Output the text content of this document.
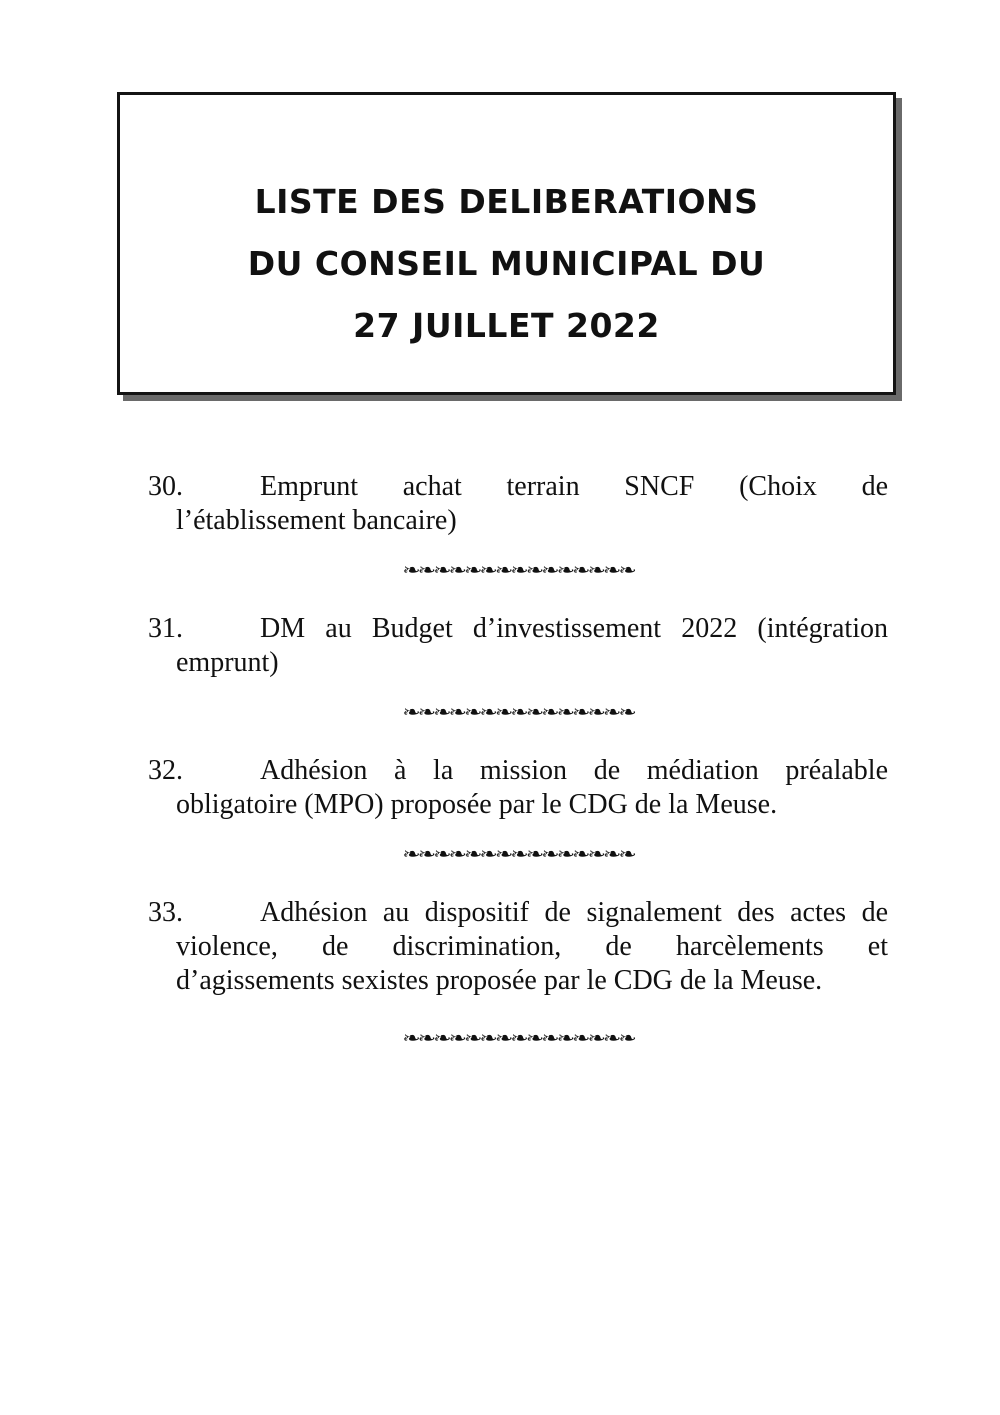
LISTE DES DELIBERATIONS
DU CONSEIL MUNICIPAL DU
27 JUILLET 2022

30.	Emprunt achat terrain SNCF (Choix de

l’établissement bancaire)

❧❧❧❧❧❧❧❧❧❧❧❧❧❧❧

31.	DM au Budget d’investissement 2022 (intégration

emprunt)

❧❧❧❧❧❧❧❧❧❧❧❧❧❧❧

32.	Adhésion à la mission de médiation préalable

obligatoire (MPO) proposée par le CDG de la Meuse.

❧❧❧❧❧❧❧❧❧❧❧❧❧❧❧

33.	Adhésion au dispositif de signalement des actes de

violence, de discrimination, de harcèlements et

d’agissements sexistes proposée par le CDG de la Meuse.

❧❧❧❧❧❧❧❧❧❧❧❧❧❧❧
